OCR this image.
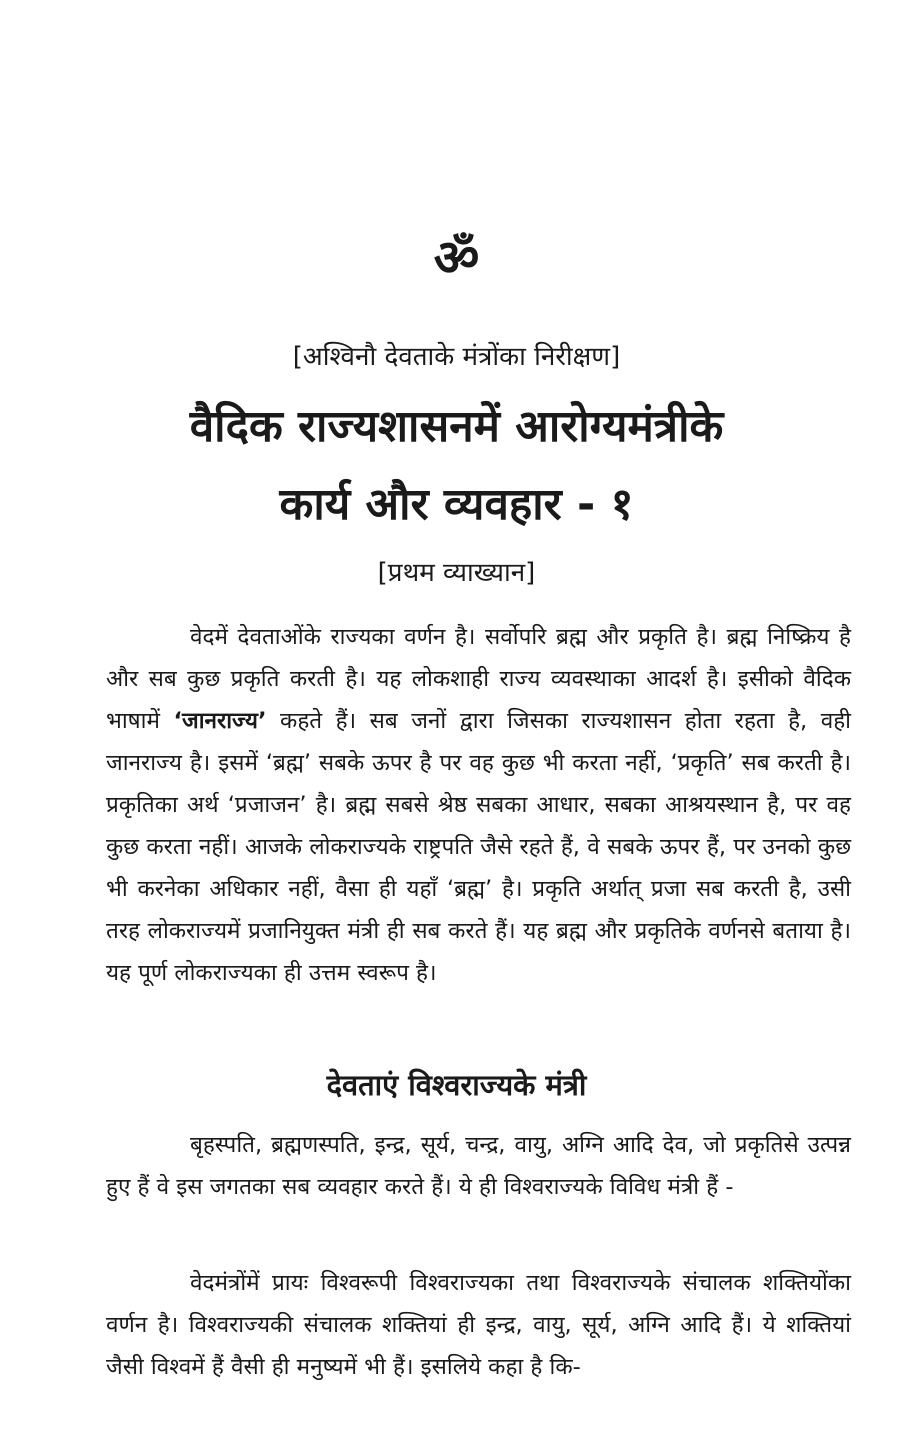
ॐ
[अश्विनौ देवताके मंत्रोंका निरीक्षण]
वैदिक राज्यशासनमें आरोग्यमंत्रीके
कार्य और व्यवहार - १
[प्रथम व्याख्यान]

वेदमें देवताओंके राज्यका वर्णन है। सर्वोपरि ब्रह्म और प्रकृति है। ब्रह्म निष्क्रिय है और सब कुछ प्रकृति करती है। यह लोकशाही राज्य व्यवस्थाका आदर्श है। इसीको वैदिक भाषामें ‘जानराज्य’ कहते हैं। सब जनों द्वारा जिसका राज्यशासन होता रहता है, वही जानराज्य है। इसमें ‘ब्रह्म’ सबके ऊपर है पर वह कुछ भी करता नहीं, ‘प्रकृति’ सब करती है। प्रकृतिका अर्थ ‘प्रजाजन’ है। ब्रह्म सबसे श्रेष्ठ सबका आधार, सबका आश्रयस्थान है, पर वह कुछ करता नहीं। आजके लोकराज्यके राष्ट्रपति जैसे रहते हैं, वे सबके ऊपर हैं, पर उनको कुछ भी करनेका अधिकार नहीं, वैसा ही यहाँ ‘ब्रह्म’ है। प्रकृति अर्थात् प्रजा सब करती है, उसी तरह लोकराज्यमें प्रजानियुक्त मंत्री ही सब करते हैं। यह ब्रह्म और प्रकृतिके वर्णनसे बताया है। यह पूर्ण लोकराज्यका ही उत्तम स्वरूप है।

देवताएं विश्वराज्यके मंत्री

बृहस्पति, ब्रह्मणस्पति, इन्द्र, सूर्य, चन्द्र, वायु, अग्नि आदि देव, जो प्रकृतिसे उत्पन्न हुए हैं वे इस जगतका सब व्यवहार करते हैं। ये ही विश्वराज्यके विविध मंत्री हैं -

वेदमंत्रोंमें प्रायः विश्वरूपी विश्वराज्यका तथा विश्वराज्यके संचालक शक्तियोंका वर्णन है। विश्वराज्यकी संचालक शक्तियां ही इन्द्र, वायु, सूर्य, अग्नि आदि हैं। ये शक्तियां जैसी विश्वमें हैं वैसी ही मनुष्यमें भी हैं। इसलिये कहा है कि-
